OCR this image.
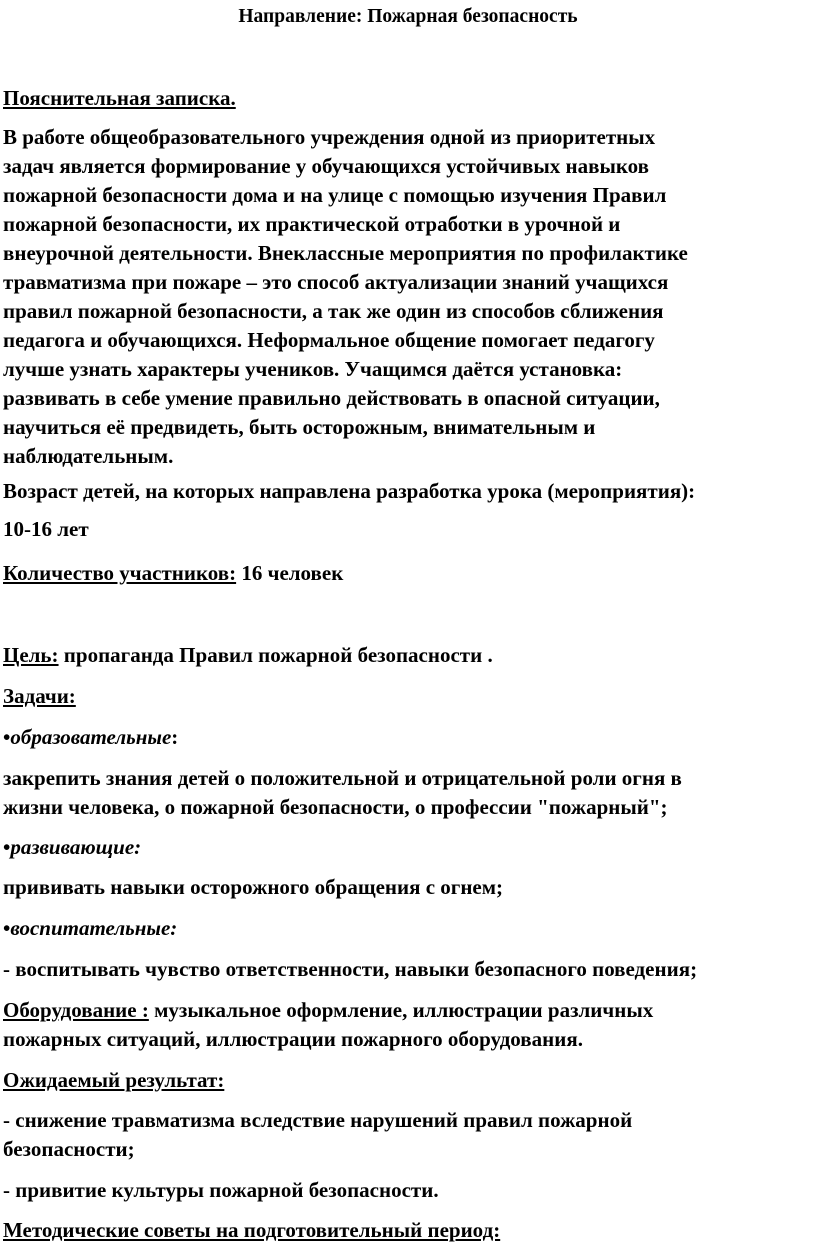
Направление: Пожарная безопасность
Пояснительная записка.
В работе общеобразовательного учреждения одной из приоритетных
задач является формирование у обучающихся устойчивых навыков
пожарной безопасности дома и на улице с помощью изучения Правил
пожарной безопасности, их практической отработки в урочной и
внеурочной деятельности. Внеклассные мероприятия по профилактике
травматизма при пожаре – это способ актуализации знаний учащихся
правил пожарной безопасности, а так же один из способов сближения
педагога и обучающихся. Неформальное общение помогает педагогу
лучше узнать характеры учеников. Учащимся даётся установка:
развивать в себе умение правильно действовать в опасной ситуации,
научиться её предвидеть, быть осторожным, внимательным и
наблюдательным.
Возраст детей, на которых направлена разработка урока (мероприятия):
10-16 лет
Количество участников: 16 человек
Цель: пропаганда Правил пожарной безопасности .
Задачи:
•образовательные:
закрепить знания детей о положительной и отрицательной роли огня в
жизни человека, о пожарной безопасности, о профессии "пожарный";
•развивающие:
прививать навыки осторожного обращения с огнем;
•воспитательные:
- воспитывать чувство ответственности, навыки безопасного поведения;
Оборудование : музыкальное оформление, иллюстрации различных
пожарных ситуаций, иллюстрации пожарного оборудования.
Ожидаемый результат:
- снижение травматизма вследствие нарушений правил пожарной
безопасности;
- привитие культуры пожарной безопасности.
Методические советы на подготовительный период:
